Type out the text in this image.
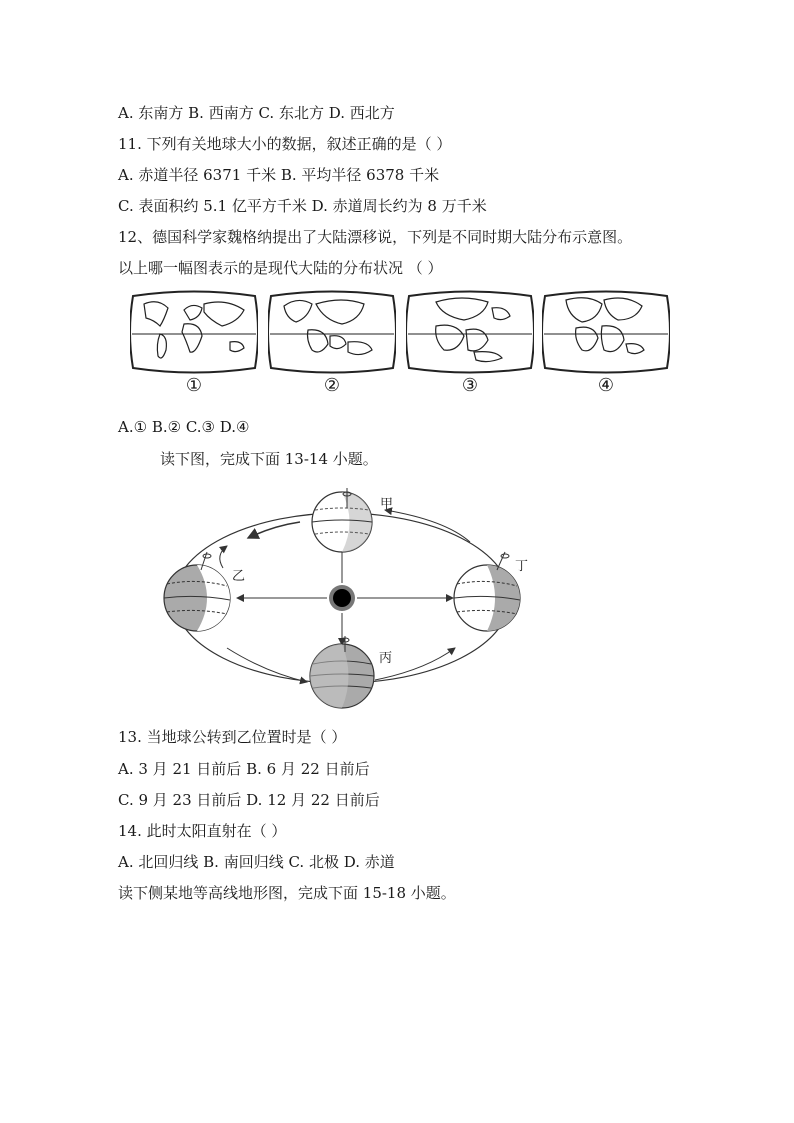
A. 东南方 B. 西南方 C. 东北方 D. 西北方
11. 下列有关地球大小的数据，叙述正确的是（ ）
A. 赤道半径 6371 千米 B. 平均半径 6378 千米
C. 表面积约 5.1 亿平方千米 D. 赤道周长约为 8 万千米
12、德国科学家魏格纳提出了大陆漂移说，下列是不同时期大陆分布示意图。
以上哪一幅图表示的是现代大陆的分布状况 （ ）
①	②	③	④
A.① B.② C.③ D.④
读下图，完成下面 13-14 小题。
甲
乙
丁
丙
13. 当地球公转到乙位置时是（ ）
A. 3 月 21 日前后 B. 6 月 22 日前后
C. 9 月 23 日前后 D. 12 月 22 日前后
14. 此时太阳直射在（ ）
A. 北回归线 B. 南回归线 C. 北极 D. 赤道
读下侧某地等高线地形图，完成下面 15-18 小题。
